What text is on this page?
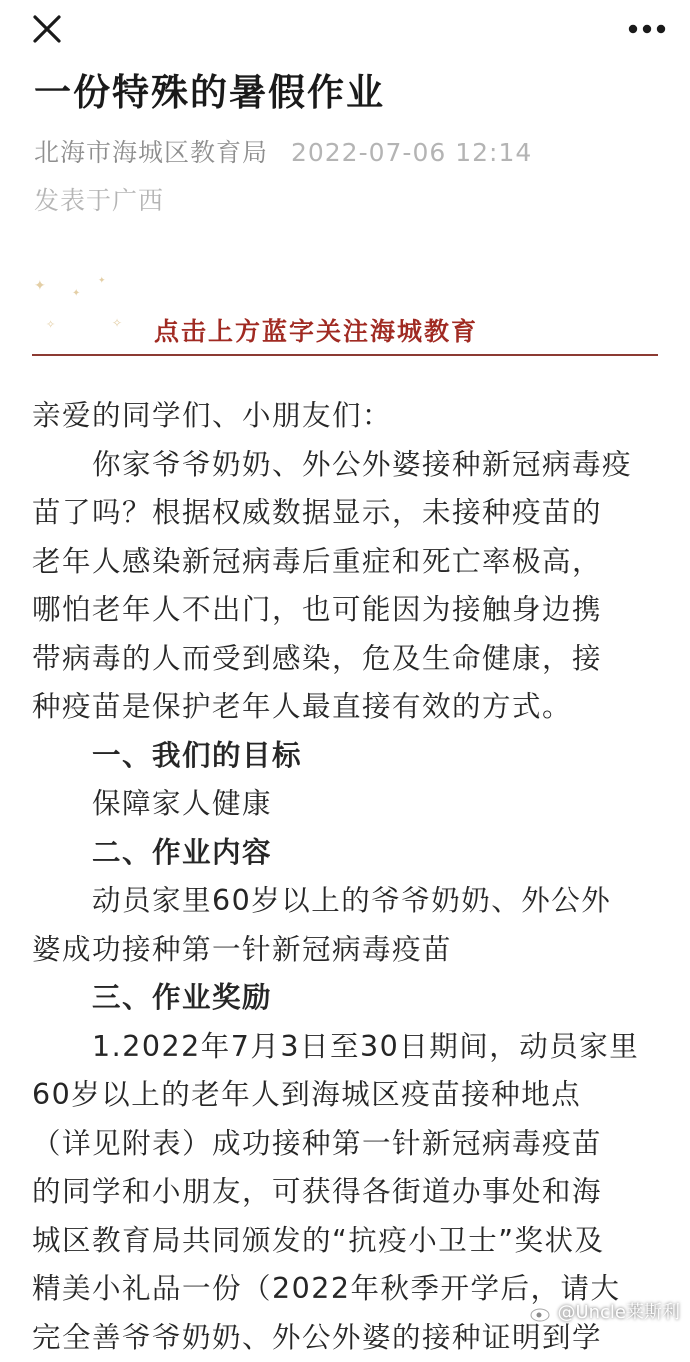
一份特殊的暑假作业
北海市海城区教育局 2022-07-06 12:14
发表于广西
✦	✦
✧
✦
✧ 点击上方蓝字关注海城教育
亲爱的同学们、小朋友们：
你家爷爷奶奶、外公外婆接种新冠病毒疫
苗了吗？根据权威数据显示，未接种疫苗的
老年人感染新冠病毒后重症和死亡率极高，
哪怕老年人不出门，也可能因为接触身边携
带病毒的人而受到感染，危及生命健康，接
种疫苗是保护老年人最直接有效的方式。
一、我们的目标
保障家人健康
二、作业内容
动员家里60岁以上的爷爷奶奶、外公外
婆成功接种第一针新冠病毒疫苗
三、作业奖励
1.2022年7月3日至30日期间，动员家里
60岁以上的老年人到海城区疫苗接种地点
（详见附表）成功接种第一针新冠病毒疫苗
的同学和小朋友，可获得各街道办事处和海
城区教育局共同颁发的“抗疫小卫士”奖状及
精美小礼品一份（2022年秋季开学后，请大
完全善爷爷奶奶、外公外婆的接种证明到学
@Uncle莱斯利
